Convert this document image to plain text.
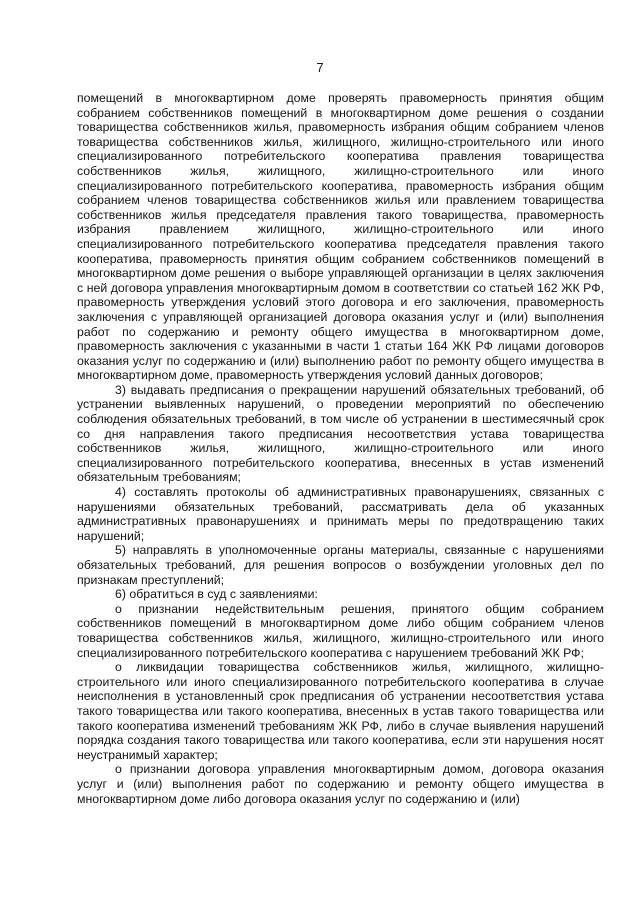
7

помещений в многоквартирном доме проверять правомерность принятия общим собранием собственников помещений в многоквартирном доме решения о создании товарищества собственников жилья, правомерность избрания общим собранием членов товарищества собственников жилья, жилищного, жилищно-строительного или иного специализированного потребительского кооператива правления товарищества собственников жилья, жилищного, жилищно-строительного или иного специализированного потребительского кооператива, правомерность избрания общим собранием членов товарищества собственников жилья или правлением товарищества собственников жилья председателя правления такого товарищества, правомерность избрания правлением жилищного, жилищно-строительного или иного специализированного потребительского кооператива председателя правления такого кооператива, правомерность принятия общим собранием собственников помещений в многоквартирном доме решения о выборе управляющей организации в целях заключения с ней договора управления многоквартирным домом в соответствии со статьей 162 ЖК РФ, правомерность утверждения условий этого договора и его заключения, правомерность заключения с управляющей организацией договора оказания услуг и (или) выполнения работ по содержанию и ремонту общего имущества в многоквартирном доме, правомерность заключения с указанными в части 1 статьи 164 ЖК РФ лицами договоров оказания услуг по содержанию и (или) выполнению работ по ремонту общего имущества в многоквартирном доме, правомерность утверждения условий данных договоров;

3) выдавать предписания о прекращении нарушений обязательных требований, об устранении выявленных нарушений, о проведении мероприятий по обеспечению соблюдения обязательных требований, в том числе об устранении в шестимесячный срок со дня направления такого предписания несоответствия устава товарищества собственников жилья, жилищного, жилищно-строительного или иного специализированного потребительского кооператива, внесенных в устав изменений обязательным требованиям;

4) составлять протоколы об административных правонарушениях, связанных с нарушениями обязательных требований, рассматривать дела об указанных административных правонарушениях и принимать меры по предотвращению таких нарушений;

5) направлять в уполномоченные органы материалы, связанные с нарушениями обязательных требований, для решения вопросов о возбуждении уголовных дел по признакам преступлений;

6) обратиться в суд с заявлениями:

о признании недействительным решения, принятого общим собранием собственников помещений в многоквартирном доме либо общим собранием членов товарищества собственников жилья, жилищного, жилищно-строительного или иного специализированного потребительского кооператива с нарушением требований ЖК РФ;

о ликвидации товарищества собственников жилья, жилищного, жилищно-строительного или иного специализированного потребительского кооператива в случае неисполнения в установленный срок предписания об устранении несоответствия устава такого товарищества или такого кооператива, внесенных в устав такого товарищества или такого кооператива изменений требованиям ЖК РФ, либо в случае выявления нарушений порядка создания такого товарищества или такого кооператива, если эти нарушения носят неустранимый характер;

о признании договора управления многоквартирным домом, договора оказания услуг и (или) выполнения работ по содержанию и ремонту общего имущества в многоквартирном доме либо договора оказания услуг по содержанию и (или)
